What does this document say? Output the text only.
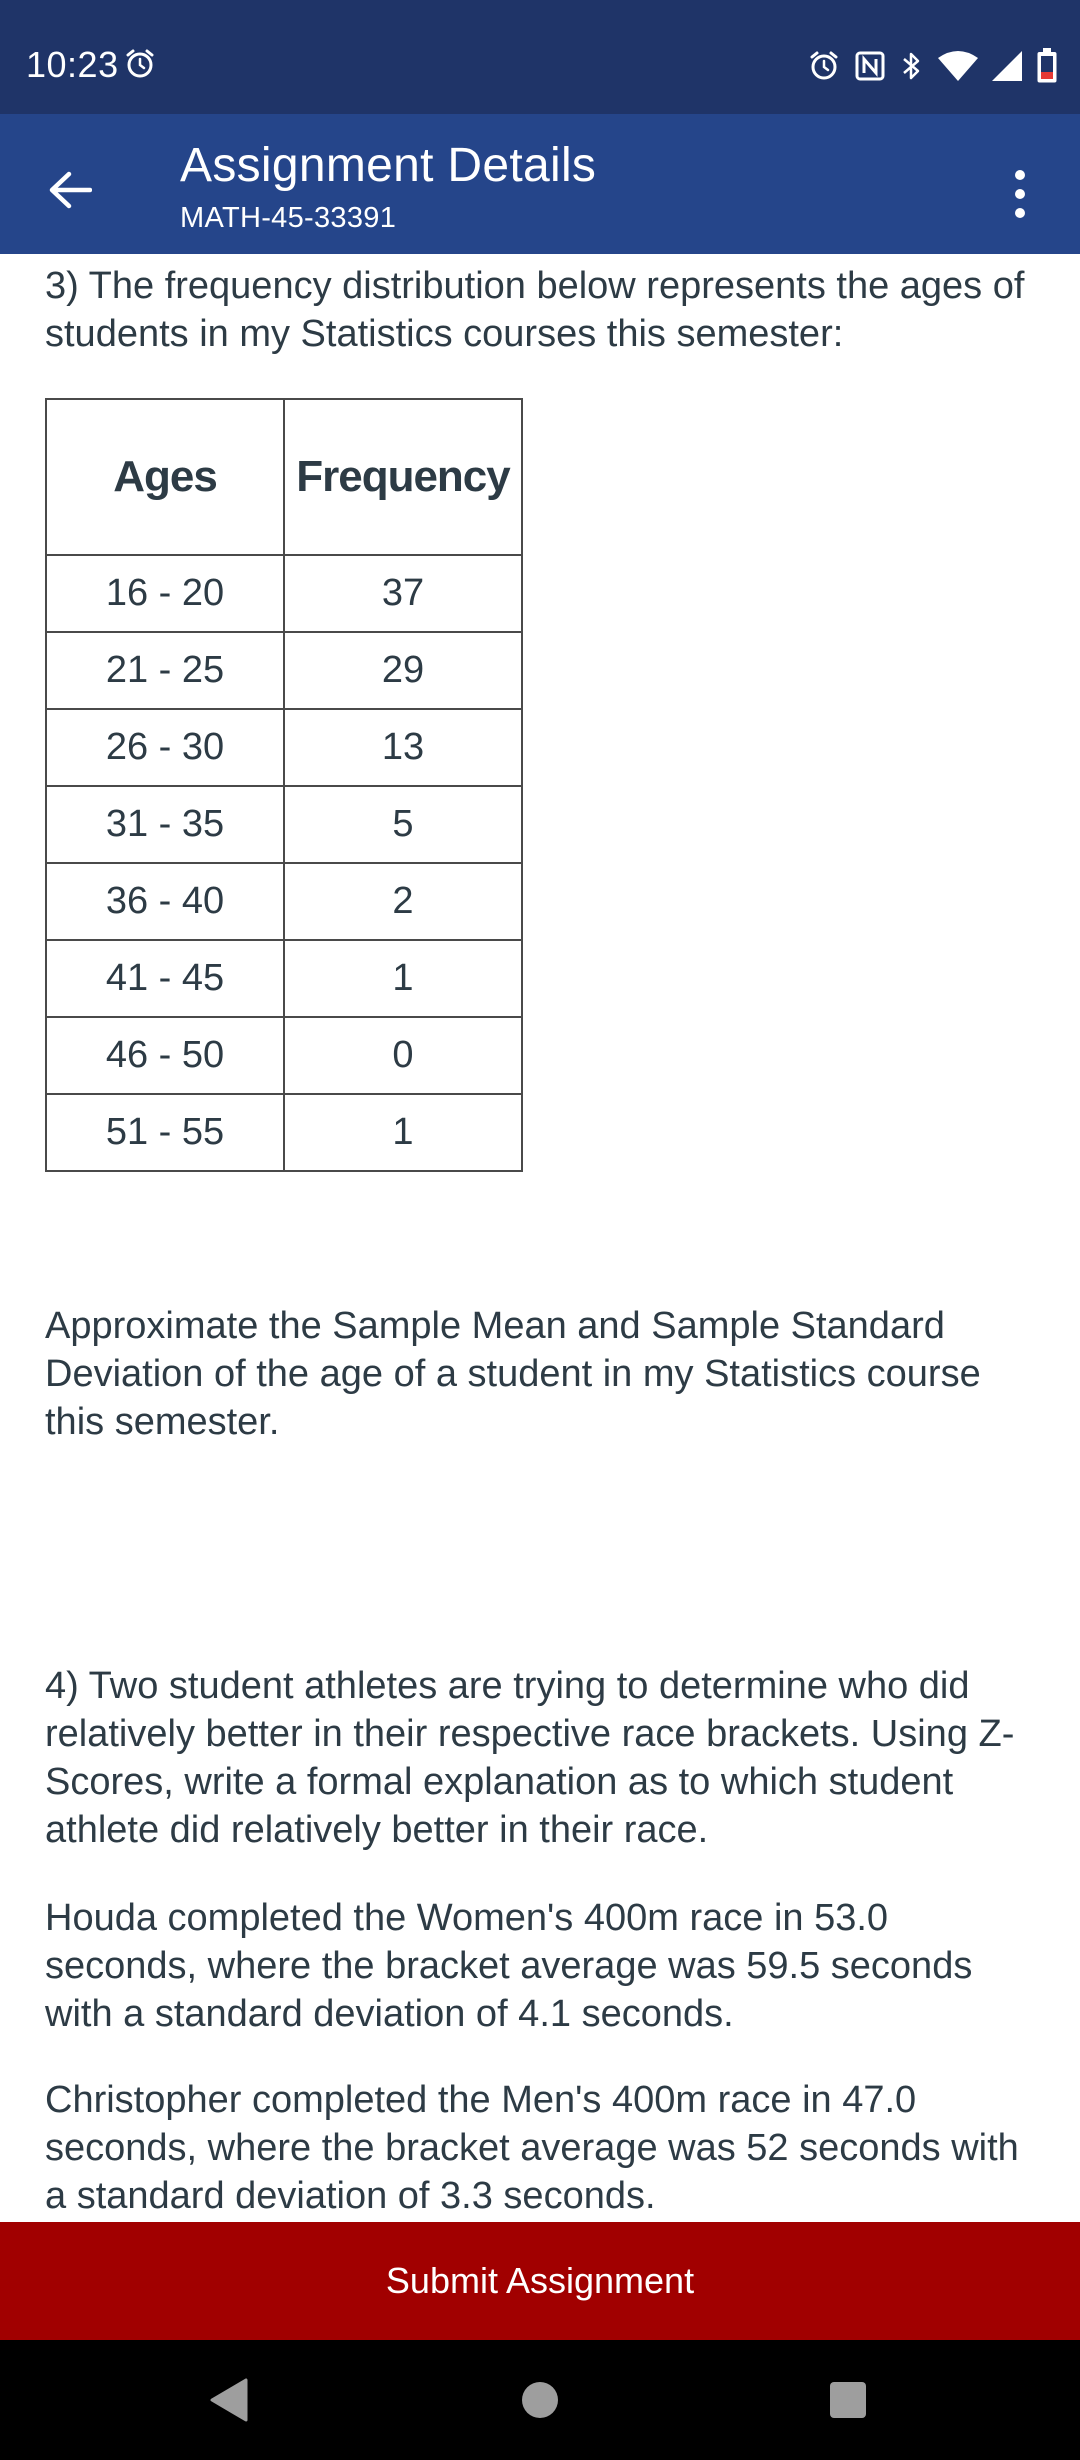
10:23
Assignment Details
MATH-45-33391

3) The frequency distribution below represents the ages of students in my Statistics courses this semester:

Ages	Frequency
16 - 20	37
21 - 25	29
26 - 30	13
31 - 35	5
36 - 40	2
41 - 45	1
46 - 50	0
51 - 55	1

Approximate the Sample Mean and Sample Standard Deviation of the age of a student in my Statistics course this semester.

4) Two student athletes are trying to determine who did relatively better in their respective race brackets. Using Z-Scores, write a formal explanation as to which student athlete did relatively better in their race.

Houda completed the Women's 400m race in 53.0 seconds, where the bracket average was 59.5 seconds with a standard deviation of 4.1 seconds.

Christopher completed the Men's 400m race in 47.0 seconds, where the bracket average was 52 seconds with a standard deviation of 3.3 seconds.

Submit Assignment
